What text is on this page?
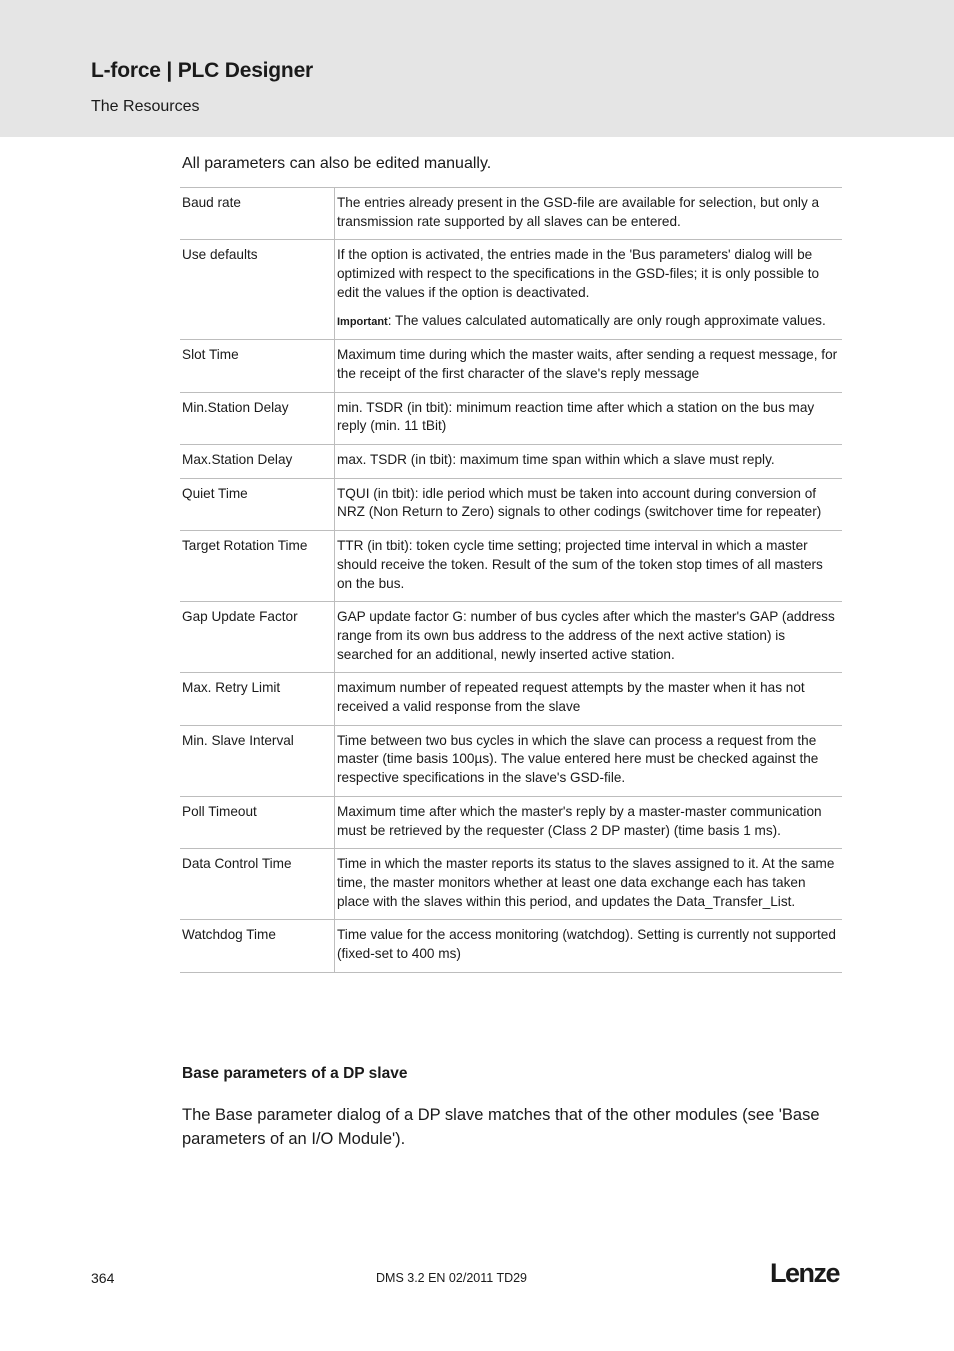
L-force | PLC Designer
The Resources
All parameters can also be edited manually.
Baud rate	The entries already present in the GSD-file are available for selection, but only a transmission rate supported by all slaves can be entered.
Use defaults	If the option is activated, the entries made in the 'Bus parameters' dialog will be optimized with respect to the specifications in the GSD-files; it is only possible to edit the values if the option is deactivated.
Important: The values calculated automatically are only rough approximate values.

Slot Time	Maximum time during which the master waits, after sending a request message, for the receipt of the first character of the slave's reply message
Min.Station Delay	min. TSDR (in tbit): minimum reaction time after which a station on the bus may reply (min. 11 tBit)
Max.Station Delay	max. TSDR (in tbit): maximum time span within which a slave must reply.
Quiet Time	TQUI (in tbit): idle period which must be taken into account during conversion of NRZ (Non Return to Zero) signals to other codings (switchover time for repeater)
Target Rotation Time	TTR (in tbit): token cycle time setting; projected time interval in which a master should receive the token. Result of the sum of the token stop times of all masters on the bus.
Gap Update Factor	GAP update factor G: number of bus cycles after which the master's GAP (address range from its own bus address to the address of the next active station) is searched for an additional, newly inserted active station.
Max. Retry Limit	maximum number of repeated request attempts by the master when it has not received a valid response from the slave
Min. Slave Interval	Time between two bus cycles in which the slave can process a request from the master (time basis 100µs). The value entered here must be checked against the respective specifications in the slave's GSD-file.
Poll Timeout	Maximum time after which the master's reply by a master-master communication must be retrieved by the requester (Class 2 DP master) (time basis 1 ms).
Data Control Time	Time in which the master reports its status to the slaves assigned to it. At the same time, the master monitors whether at least one data exchange each has taken place with the slaves within this period, and updates the Data_Transfer_List.
Watchdog Time	Time value for the access monitoring (watchdog). Setting is currently not supported (fixed-set to 400 ms)
Base parameters of a DP slave
The Base parameter dialog of a DP slave matches that of the other modules (see 'Base parameters of an I/O Module').
364	DMS 3.2 EN 02/2011 TD29	Lenze
